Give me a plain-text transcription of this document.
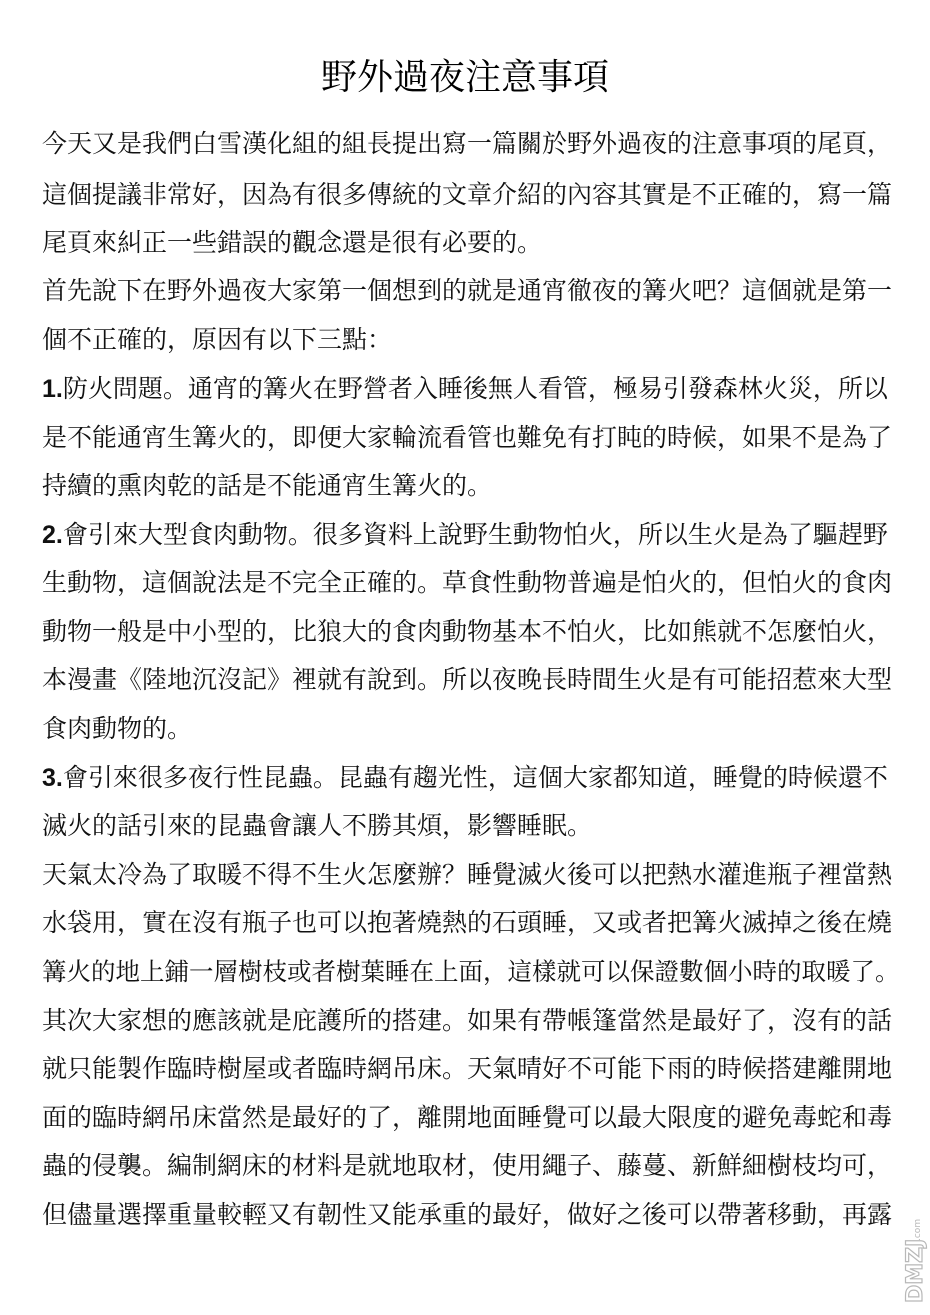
野外過夜注意事項
今天又是我們白雪漢化組的組長提出寫一篇關於野外過夜的注意事項的尾頁，
這個提議非常好，因為有很多傳統的文章介紹的內容其實是不正確的，寫一篇
尾頁來糾正一些錯誤的觀念還是很有必要的。
首先說下在野外過夜大家第一個想到的就是通宵徹夜的篝火吧？這個就是第一
個不正確的，原因有以下三點：
1.防火問題。通宵的篝火在野營者入睡後無人看管，極易引發森林火災，所以
是不能通宵生篝火的，即便大家輪流看管也難免有打盹的時候，如果不是為了
持續的熏肉乾的話是不能通宵生篝火的。
2.會引來大型食肉動物。很多資料上說野生動物怕火，所以生火是為了驅趕野
生動物，這個說法是不完全正確的。草食性動物普遍是怕火的，但怕火的食肉
動物一般是中小型的，比狼大的食肉動物基本不怕火，比如熊就不怎麼怕火，
本漫畫《陸地沉沒記》裡就有說到。所以夜晚長時間生火是有可能招惹來大型
食肉動物的。
3.會引來很多夜行性昆蟲。昆蟲有趨光性，這個大家都知道，睡覺的時候還不
滅火的話引來的昆蟲會讓人不勝其煩，影響睡眠。
天氣太冷為了取暖不得不生火怎麼辦？睡覺滅火後可以把熱水灌進瓶子裡當熱
水袋用，實在沒有瓶子也可以抱著燒熱的石頭睡，又或者把篝火滅掉之後在燒
篝火的地上鋪一層樹枝或者樹葉睡在上面，這樣就可以保證數個小時的取暖了。
其次大家想的應該就是庇護所的搭建。如果有帶帳篷當然是最好了，沒有的話
就只能製作臨時樹屋或者臨時網吊床。天氣晴好不可能下雨的時候搭建離開地
面的臨時網吊床當然是最好的了，離開地面睡覺可以最大限度的避免毒蛇和毒
蟲的侵襲。編制網床的材料是就地取材，使用繩子、藤蔓、新鮮細樹枝均可，
但儘量選擇重量較輕又有韌性又能承重的最好，做好之後可以帶著移動，再露
DMZJ
.com
